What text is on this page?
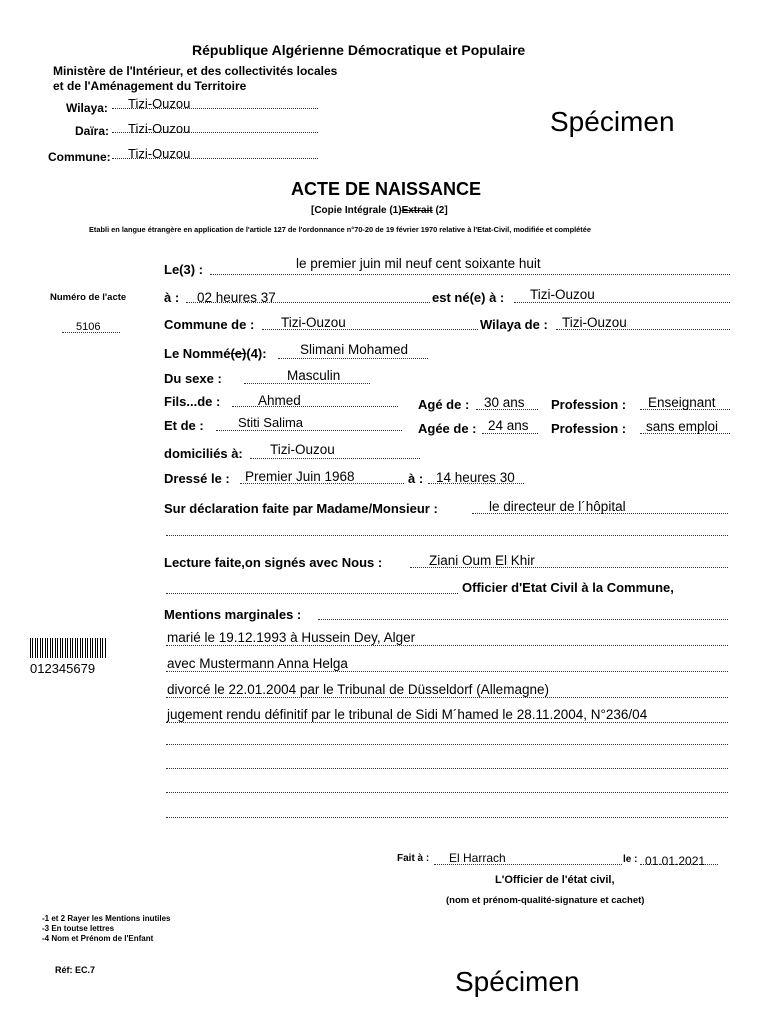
République Algérienne Démocratique et Populaire
Ministère de l'Intérieur, et des collectivités locales
et de l'Aménagement du Territoire
Wilaya: Tizi-Ouzou
Daïra: Tizi-Ouzou
Commune: Tizi-Ouzou
Spécimen
ACTE DE NAISSANCE
[Copie Intégrale (1)Extrait (2]
Etabli en langue étrangère en application de l'article 127 de l'ordonnance n°70-20 de 19 février 1970 relative à l'Etat-Civil, modifiée et complétée
Numéro de l'acte
5106
Le(3) :	le premier juin mil neuf cent soixante huit
à : 02 heures 37	est né(e) à : Tizi-Ouzou
Commune de : Tizi-Ouzou	Wilaya de : Tizi-Ouzou
Le Nommé(e)(4): Slimani Mohamed
Du sexe :	Masculin
Fils...de :	Ahmed	Agé de : 30 ans Profession : Enseignant
Et de :	Stiti Salima	Agée de : 24 ans Profession : sans emploi
domiciliés à: Tizi-Ouzou
Dressé le : Premier Juin 1968	à : 14 heures 30
Sur déclaration faite par Madame/Monsieur :	le directeur de l´hôpital
Lecture faite,on signés avec Nous :	Ziani Oum El Khir
Officier d'Etat Civil à la Commune,
Mentions marginales :
marié le 19.12.1993 à Hussein Dey, Alger
avec Mustermann Anna Helga
divorcé le 22.01.2004 par le Tribunal de Düsseldorf (Allemagne)
jugement rendu définitif par le tribunal de Sidi M´hamed le 28.11.2004, N°236/04
012345679
Fait à : El Harrach	le : 01.01.2021
L'Officier de l'état civil,
(nom et prénom-qualité-signature et cachet)
-1 et 2 Rayer les Mentions inutiles
-3 En toutse lettres
-4 Nom et Prénom de l'Enfant
Réf: EC.7	Spécimen
